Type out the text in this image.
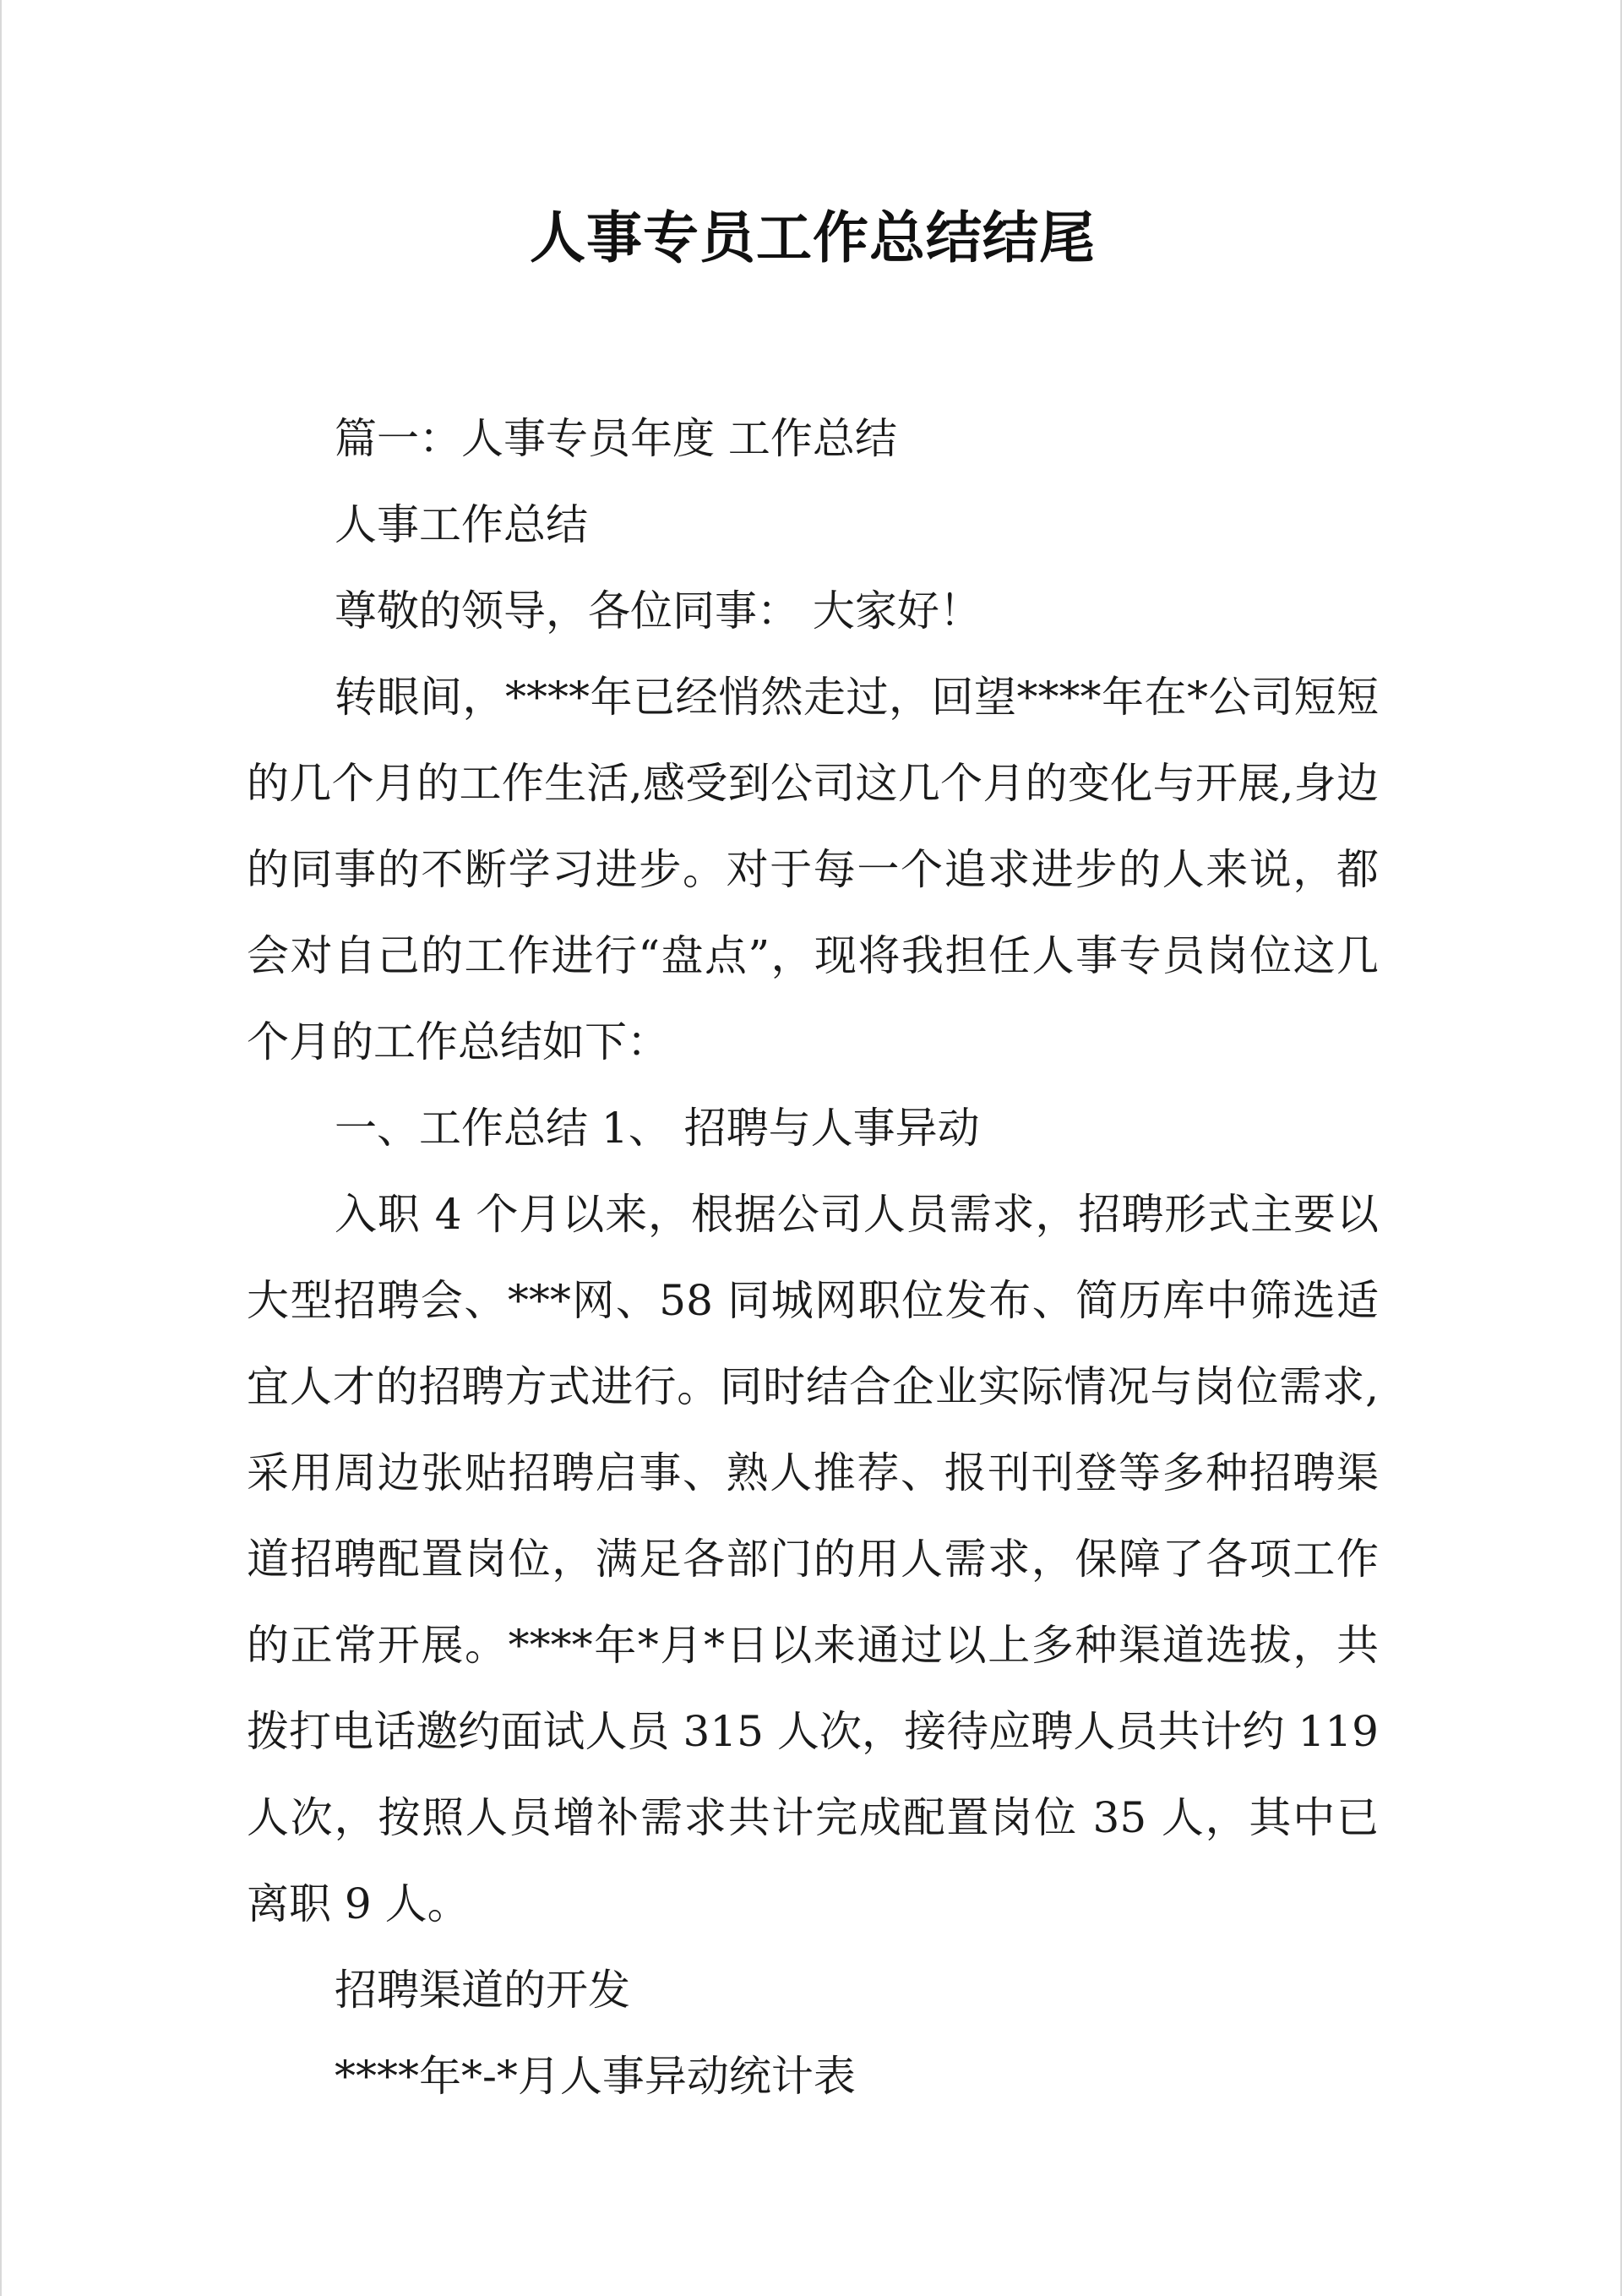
人事专员工作总结结尾

篇一：人事专员年度 工作总结

人事工作总结

尊敬的领导，各位同事： 大家好！

转眼间，****年已经悄然走过，回望****年在*公司短短的几个月的工作生活,感受到公司这几个月的变化与开展,身边的同事的不断学习进步。对于每一个追求进步的人来说，都会对自己的工作进行“盘点”，现将我担任人事专员岗位这几个月的工作总结如下：

一、工作总结 1、 招聘与人事异动

入职 4 个月以来，根据公司人员需求，招聘形式主要以大型招聘会、***网、58 同城网职位发布、简历库中筛选适宜人才的招聘方式进行。同时结合企业实际情况与岗位需求,采用周边张贴招聘启事、熟人推荐、报刊刊登等多种招聘渠道招聘配置岗位，满足各部门的用人需求，保障了各项工作的正常开展。****年*月*日以来通过以上多种渠道选拔，共拨打电话邀约面试人员 315 人次，接待应聘人员共计约 119 人次，按照人员增补需求共计完成配置岗位 35 人，其中已离职 9 人。

招聘渠道的开发

****年*-*月人事异动统计表
